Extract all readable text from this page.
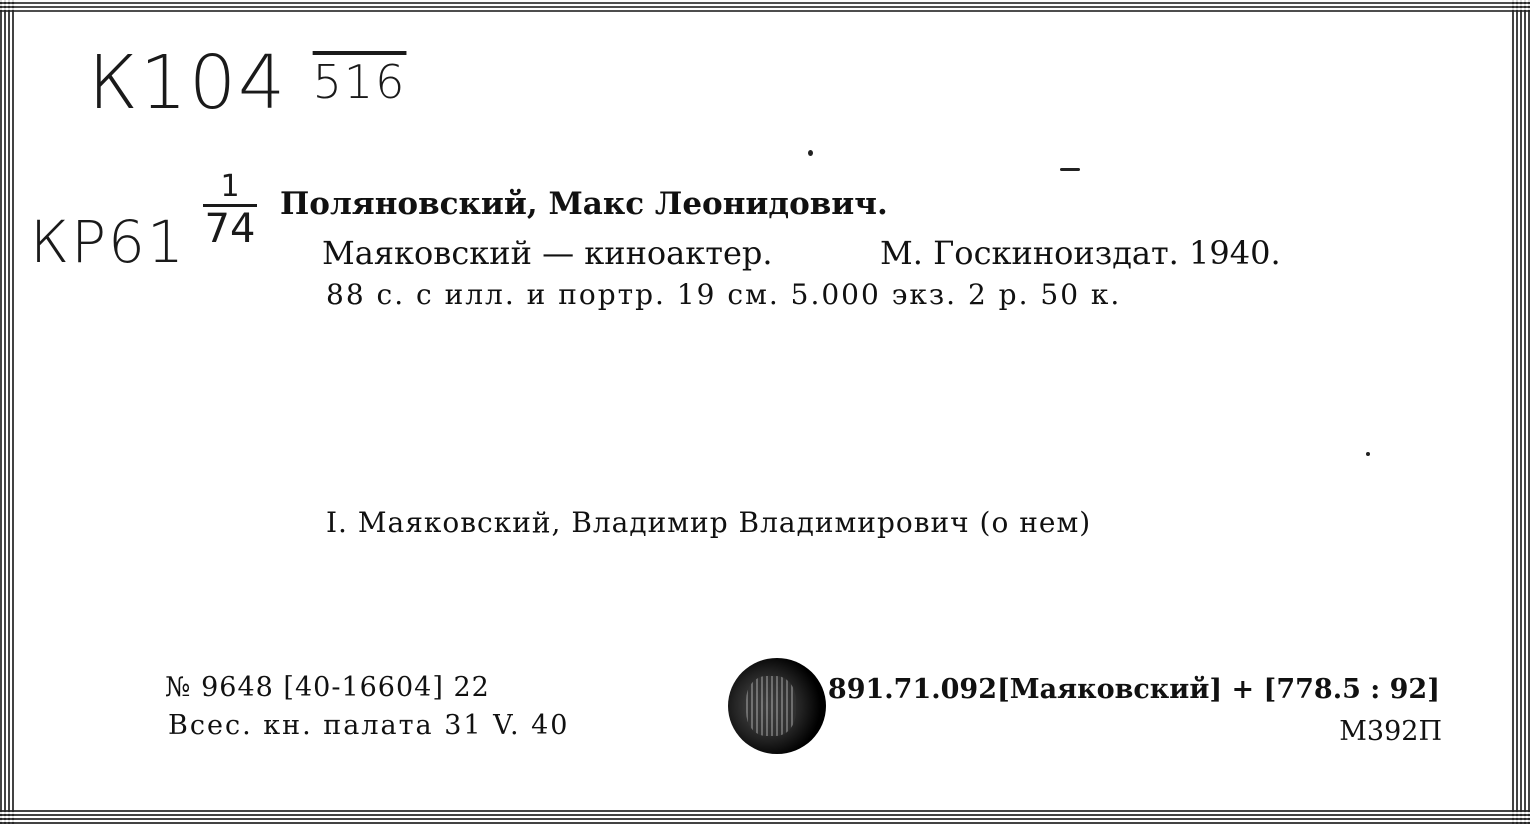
К104 516
КР61
1
74
Поляновский, Макс Леонидович.
Маяковский — киноактер.	М. Госкиноиздат. 1940.
88 с. с илл. и портр. 19 см. 5.000 экз. 2 р. 50 к.
I. Маяковский, Владимир Владимирович (о нем)
№ 9648 [40-16604] 22
Всес. кн. палата 31 V. 40
891.71.092[Маяковский] + [778.5 : 92]
М392П
